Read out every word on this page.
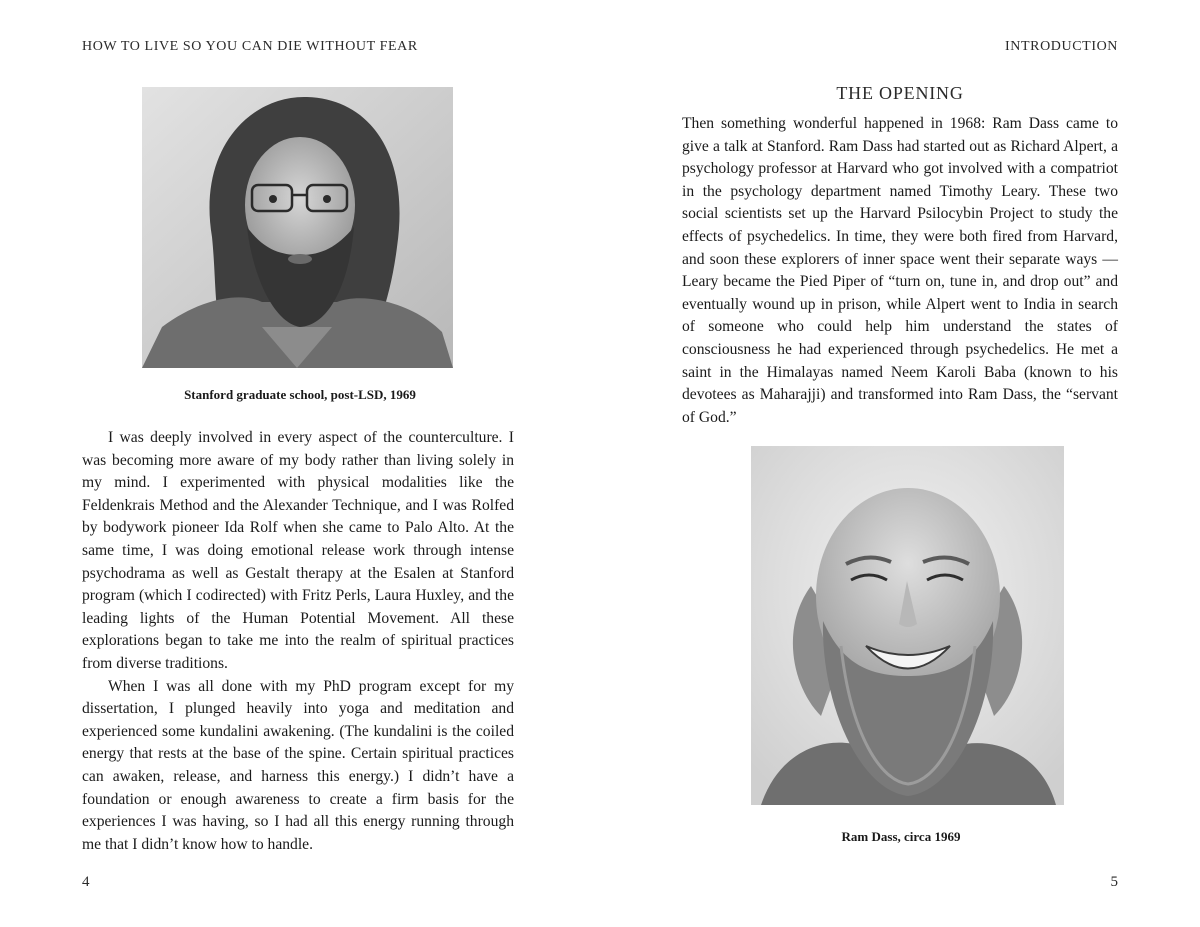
HOW TO LIVE SO YOU CAN DIE WITHOUT FEAR
Stanford graduate school, post-LSD, 1969

I was deeply involved in every aspect of the counterculture. I was becoming more aware of my body rather than living solely in my mind. I experimented with physical modalities like the Feldenkrais Method and the Alexander Technique, and I was Rolfed by bodywork pioneer Ida Rolf when she came to Palo Alto. At the same time, I was doing emotional release work through intense psychodrama as well as Gestalt therapy at the Esalen at Stanford program (which I codirected) with Fritz Perls, Laura Huxley, and the leading lights of the Human Potential Movement. All these explorations began to take me into the realm of spiritual practices from diverse traditions.

When I was all done with my PhD program except for my dissertation, I plunged heavily into yoga and meditation and experienced some kundalini awakening. (The kundalini is the coiled energy that rests at the base of the spine. Certain spiritual practices can awaken, release, and harness this energy.) I didn’t have a foundation or enough awareness to create a firm basis for the experiences I was having, so I had all this energy running through me that I didn’t know how to handle.

4
INTRODUCTION
THE OPENING

Then something wonderful happened in 1968: Ram Dass came to give a talk at Stanford. Ram Dass had started out as Richard Alpert, a psychology professor at Harvard who got involved with a compatriot in the psychology department named Timothy Leary. These two social scientists set up the Harvard Psilocybin Project to study the effects of psychedelics. In time, they were both fired from Harvard, and soon these explorers of inner space went their separate ways — Leary became the Pied Piper of “turn on, tune in, and drop out” and eventually wound up in prison, while Alpert went to India in search of someone who could help him understand the states of consciousness he had experienced through psychedelics. He met a saint in the Himalayas named Neem Karoli Baba (known to his devotees as Maharajji) and transformed into Ram Dass, the “servant of God.”

Ram Dass, circa 1969
5
